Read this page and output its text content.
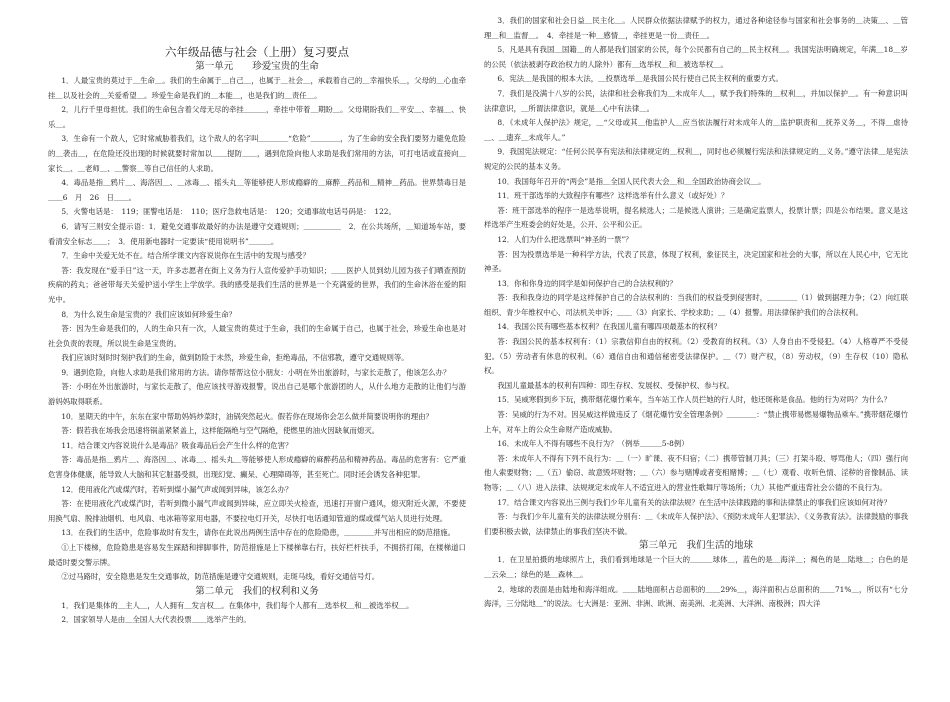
六年级品德与社会（上册）复习要点

第一单元　　珍爱宝贵的生命

1．人最宝贵的莫过于＿生命＿。我们的生命属于＿自己＿，也属于＿社会＿，承载着自己的＿幸福快乐＿，父母的＿心血牵挂＿以及社会的＿关爱希望＿。珍爱生命是我们的＿本能＿，也是我们的＿责任＿。

2．儿行千里母担忧。我们的生命包含着父母无尽的牵挂＿＿＿，牵挂中带着＿期盼＿。父母期盼我们＿平安＿、幸福＿、快乐＿。

3．生命有一个敌人，它时常威胁着我们，这个敌人的名字叫＿＿＿＿“危险”＿＿＿＿，为了生命的安全我们要努力避免危险的＿袭击＿，在危险还没出现的时候就要时常加以＿＿提防＿＿，遇到危险向他人求助是我们常用的方法，可打电话或直接向＿家长＿、＿老师＿、＿警察＿等自己信任的人求助。

4．毒品是指＿鸦片＿、海洛因＿、＿冰毒＿、摇头丸＿等能够使人形成瘾癖的＿麻醉＿药品和＿精神＿药品。世界禁毒日是＿＿6　月　26　日＿＿。

5．火警电话是：　119；匪警电话是：　110；医疗急救电话是：　120；交通事故电话号码是：　122。

6．请写三则安全提示语：1．避免交通事故最好的办法是遵守交通规则；＿＿＿＿＿　2．在公共场所，＿知道场车站，要看清安全标志＿＿；　3．使用新电器时一定要读“使用说明书”＿＿＿。

7．生命中关爱无处不在。结合所学课文内容说说你在生活中的发现与感受？

答：我发现在“爱手日”这一天，许多志愿者在街上义务为行人宣传爱护手功知识；＿＿医护人员到幼儿园为孩子们晒查预防疾病的药丸；爸爸带每天关爱护送小学生上学放学。我的感受是我们生活的世界是一个充满爱的世界，我们的生命沐浴在爱的阳光中。

8．为什么说生命是宝贵的？我们应该如何珍爱生命？

答：因为生命是我们的，人的生命只有一次，人最宝贵的莫过于生命，我们的生命属于自己，也属于社会，珍爱生命也是对社会负责的表现，所以说生命是宝贵的。

我们应该时刻时时刻护我们的生命，做到防险于未然，珍爱生命，拒绝毒品，不信邪教，遵守交通规则等。

9．遇到危险，向他人求助是我们常用的方法。请你帮帮这位小朋友：小明在外出旅游时，与家长走散了，他该怎么办？

答：小明在外出旅游时，与家长走散了，他应该找寻游戏报警，说出自己是哪个旅游团的人，从什么地方走散的让他们与游游妈妈取得联系。

10．星期天的中午，东东在家中帮助妈妈炒菜时，油锅突然起火。假若你在现场你会怎么做并简要说明你的理由？

答：假若我在场我会迅速将锅盖紧紧盖上，这样能隔绝与空气隔绝，使燃里的油火因缺氧而熄灭。

11．结合课文内容说说什么是毒品？吸食毒品后会产生什么样的危害？

答：毒品是指＿鸦片＿、海洛因＿、冰毒＿、摇头丸＿等能够使人形成瘾癖的麻醉药品和精神药品。毒品的危害有：它严重危害身体健康，能导致人大脑和其它脏器受损，出现幻觉、癫呆、心理障碍等，甚至死亡。同时还会诱发各种犯罪。

12．使用液化汽或煤汽时，若听到煤小漏气声或闻到异味，该怎么办？

答：在使用液化汽或煤汽时，若听到微小漏气声或闻到异味，应立即关火检查，迅速打开窗户通风，熄灭附近火源，不要使用换气扇、脱排油烟机、电风扇、电冰箱等家用电器，不要拉电灯开关，尽快打电话通知管道的煤或煤气站人员进行处理。

13．在我们的生活中，危险事故时有发生，请你在此说出两例生活中存在的危险隐患，＿＿＿＿并写出相应的防范措施。

①上下楼梯，危险隐患是容易发生踩踏和摔脚事件，防范措施是上下楼梯靠右行，扶好栏杆扶手，不拥挤打闹，在楼梯道口最适时要交警示牌。

②过马路时，安全隐患是发生交通事故，防范措施是遵守交通规则，走斑马线，看好交通信号灯。

第二单元　我们的权利和义务

1．我们是集体的＿主人＿，人人拥有＿发言权＿。在集体中，我们每个人都有＿选举权＿和＿被选举权＿。

2．国家领导人是由＿全国人大代表投票＿＿选举产生的。

3．我们的国家和社会日益＿民主化＿。人民群众依据法律赋予的权力，通过各种途径参与国家和社会事务的＿决策＿、＿管理＿和＿监督＿。　4．牵挂是一种＿感情＿，牵挂更是一份＿责任＿。

5．凡是具有我国＿国籍＿的人都是我们国家的公民，每个公民都有自己的＿民主权利＿。我国宪法明确规定，年满＿18＿岁的公民（依法被剥夺政治权力的人除外）都有＿选举权＿和＿被选举权＿。

6．宪法＿是我国的根本大法，＿投票选举＿是我国公民行使自己民主权利的重要方式。

7．我们是没满十八岁的公民，法律和社会称我们为＿未成年人＿，赋予我们特殊的＿权利＿，并加以保护＿。有一种意识叫法律意识，＿所谓法律意识，就是＿心中有法律＿。

8．《未成年人保护法》规定，＿“父母或其＿他监护人＿应当依法履行对未成年人的＿监护职责和＿抚养义务＿，不得＿虐待＿、＿遗弃＿未成年人。”

9．我国宪法规定：“任何公民享有宪法和法律规定的＿权利＿，同时也必须履行宪法和法律规定的＿义务。”遵守法律＿是宪法规定的公民的基本义务。

10．我国每年召开的“两会”是指＿全国人民代表大会＿和＿全国政治协商会议＿。

11．班干部选举的大致程序有哪些？这样选举有什么意义（或好处）？

答：班干部选举的程序一是选举说明，提名候选人；二是候选人演讲；三是确定监票人，投票计票；四是公布结果。意义是这样选举产生班委会的好处是，公开、公平和公正。

12．人们为什么把选票叫“神圣的一票”？

答：因为投票选举是一种科学方法，代表了民意，体现了权利，象征民主，决定国家和社会的大事，所以在人民心中，它无比神圣。

13．你和你身边的同学是如何保护自己的合法权利的？

答：我和我身边的同学是这样保护自己的合法权利的：当我们的权益受到侵害时，＿＿＿＿（1）做到据理力争；（2）向红联组织、青少年维权中心、司法机关申诉；＿＿（3）向家长、学校求助；＿（4）报警。用法律保护我们的合法权利。

14．我国公民有哪些基本权利？在我国儿童有哪四项最基本的权利？

答：我国公民的基本权利有：（1）宗教信仰自由的权利。（2）受教育的权利。（3）人身自由不受侵犯。（4）人格尊严不受侵犯。（5）劳动者有休息的权利。（6）通信自由和通信秘密受法律保护。＿（7）财产权，（8）劳动权，（9）生存权（10）隐私权。

我国儿童最基本的权利有四种：即生存权、发展权、受保护权、参与权。

15．吴威寒假到乡下玩，携带烟花爆竹乘车，当车站工作人员拦她的行人时，他还斑称是食品。他的行为对吗？为什么？

答：吴威的行为不对。因吴威这样做违反了《烟花爆竹安全管理条例》＿＿＿＿：“禁止携带易燃易爆物品乘车。”携带烟花爆竹上车，对车上的公众生命财产造成威胁。

16．未成年人不得有哪些不良行为？（例举＿＿＿5-8例）

答：未成年人不得有下列不良行为：＿（一）旷课、夜不归宿；（二）携带管制刀具；（三）打架斗殴、辱骂他人；（四）强行向他人索要财物；＿（五）偷窃、故意毁坏财物；＿（六）参与赌博或者变相赌博；＿（七）观看、收听色情、淫秽的音像制品、读物等；＿（八）进入法律、法规规定未成年人不适宜进入的营业性歌舞厅等场所；（九）其他严重违背社会公德的不良行为。

17．结合课文内容说出三例与我们少年儿童有关的法律法规？在生活中法律践踏的事和法律禁止的事我们应该如何对待？

答：与我们少年儿童有关的法律法规分别有：＿《未成年人保护法》、《预防未成年人犯罪法》、《义务教育法》。法律鼓励的事我们要积极去做，法律禁止的事我们坚决不做。

第三单元　我们生活的地球

1．在卫星拍摄的地球照片上，我们看到地球是一个巨大的＿＿＿球体＿，蓝色的是＿海洋＿；褐色的是＿陆地＿；白色的是＿云朵＿；绿色的是＿森林＿。

2．地球的表面是由陆地和海洋组成。＿＿陆地面积占总面积的＿＿29%＿，海洋面积占总面积的＿＿71%＿，所以有“七分海洋，三分陆地＿”的说法。七大洲是：亚洲、非洲、欧洲、南美洲、北美洲、大洋洲、南极洲；四大洋
